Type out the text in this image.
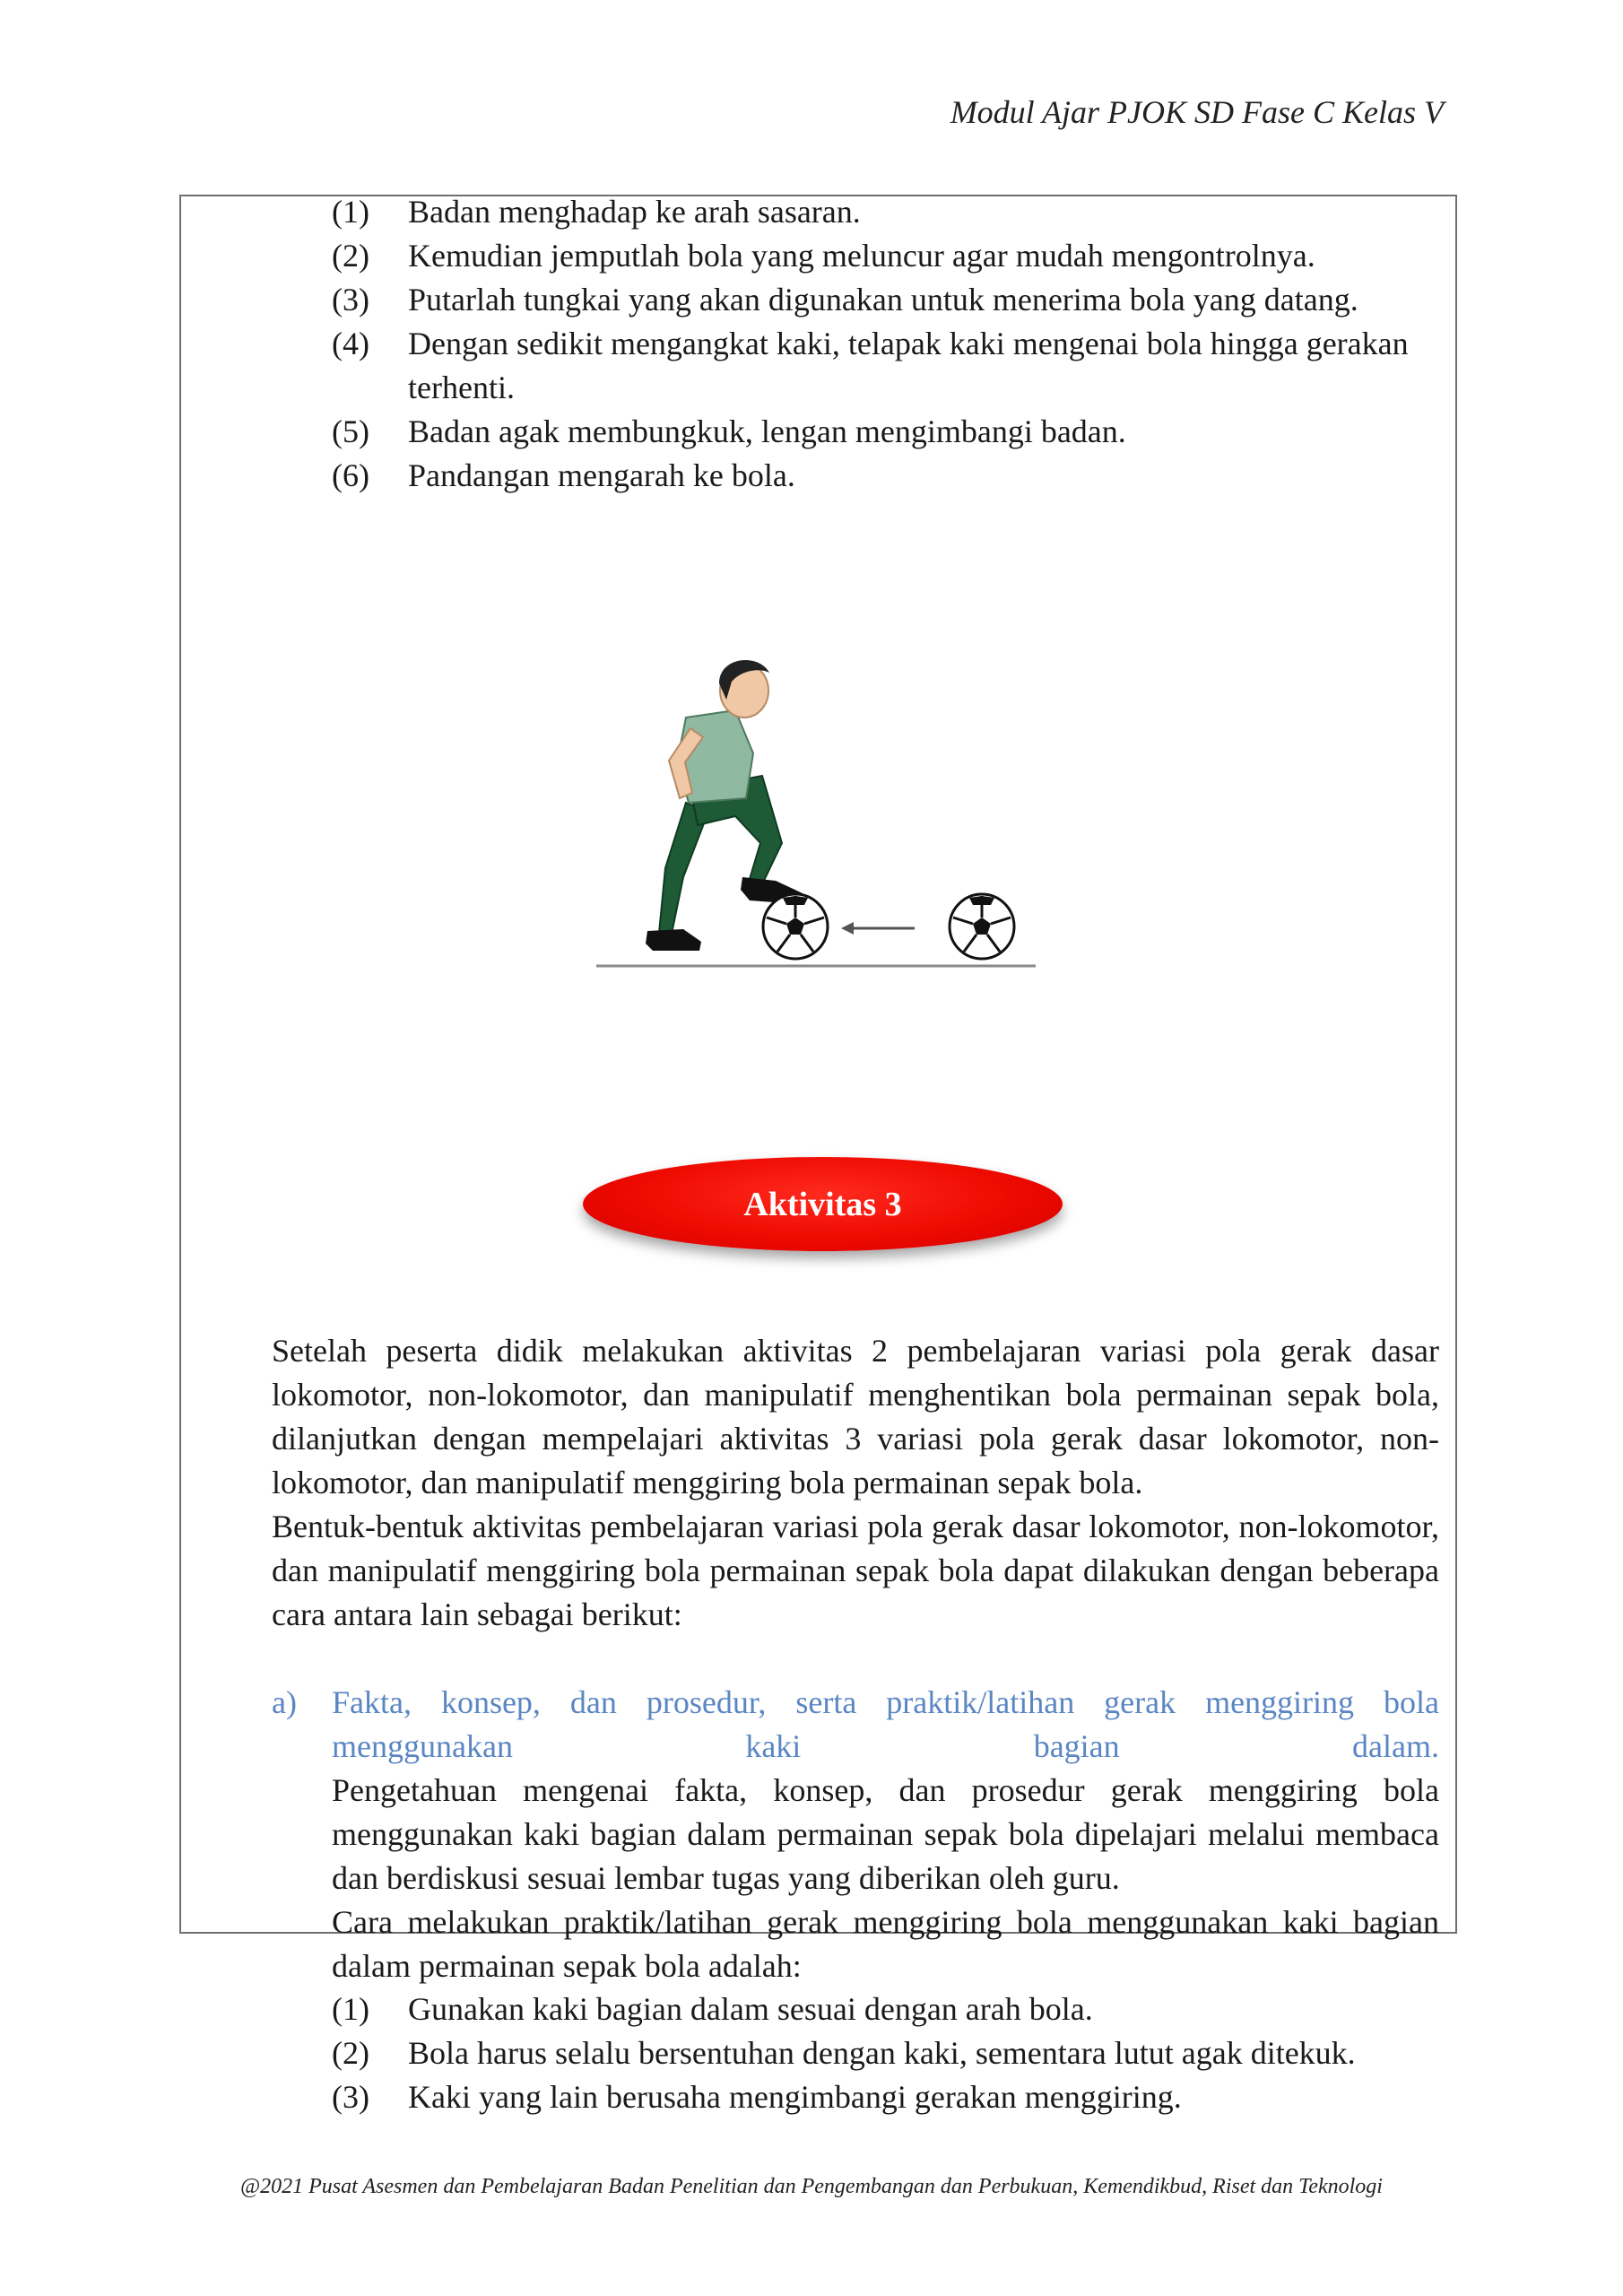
Modul Ajar PJOK SD Fase C Kelas V
(1) Badan menghadap ke arah sasaran.
(2) Kemudian jemputlah bola yang meluncur agar mudah mengontrolnya.
(3) Putarlah tungkai yang akan digunakan untuk menerima bola yang datang.
(4) Dengan sedikit mengangkat kaki, telapak kaki mengenai bola hingga gerakan terhenti.
(5) Badan agak membungkuk, lengan mengimbangi badan.
(6) Pandangan mengarah ke bola.
Aktivitas 3

Setelah peserta didik melakukan aktivitas 2 pembelajaran variasi pola gerak dasar lokomotor, non-lokomotor, dan manipulatif menghentikan bola permainan sepak bola, dilanjutkan dengan mempelajari aktivitas 3 variasi pola gerak dasar lokomotor, non-lokomotor, dan manipulatif menggiring bola permainan sepak bola.

Bentuk-bentuk aktivitas pembelajaran variasi pola gerak dasar lokomotor, non-lokomotor, dan manipulatif menggiring bola permainan sepak bola dapat dilakukan dengan beberapa cara antara lain sebagai berikut:

a) Fakta, konsep, dan prosedur, serta praktik/latihan gerak menggiring bola
menggunakan kaki bagian dalam.

Pengetahuan mengenai fakta, konsep, dan prosedur gerak menggiring bola menggunakan kaki bagian dalam permainan sepak bola dipelajari melalui membaca dan berdiskusi sesuai lembar tugas yang diberikan oleh guru.

Cara melakukan praktik/latihan gerak menggiring bola menggunakan kaki bagian dalam permainan sepak bola adalah:

(1) Gunakan kaki bagian dalam sesuai dengan arah bola.
(2) Bola harus selalu bersentuhan dengan kaki, sementara lutut agak ditekuk.
(3) Kaki yang lain berusaha mengimbangi gerakan menggiring.
@2021 Pusat Asesmen dan Pembelajaran Badan Penelitian dan Pengembangan dan Perbukuan, Kemendikbud, Riset dan Teknologi
